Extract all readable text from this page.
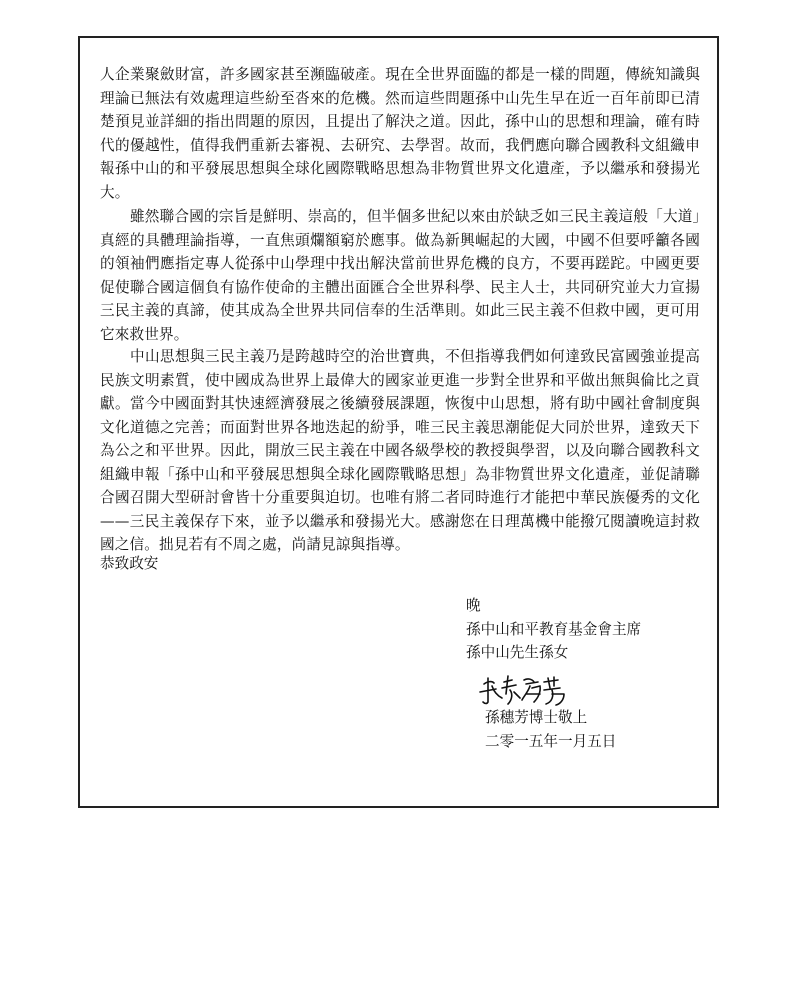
人企業聚斂財富，許多國家甚至瀕臨破產。現在全世界面臨的都是一樣的問題，傳統知識與理論已無法有效處理這些紛至沓來的危機。然而這些問題孫中山先生早在近一百年前即已清楚預見並詳細的指出問題的原因，且提出了解決之道。因此，孫中山的思想和理論，確有時代的優越性，值得我們重新去審視、去研究、去學習。故而，我們應向聯合國教科文組織申報孫中山的和平發展思想與全球化國際戰略思想為非物質世界文化遺產，予以繼承和發揚光大。

雖然聯合國的宗旨是鮮明、崇高的，但半個多世紀以來由於缺乏如三民主義這般「大道」真經的具體理論指導，一直焦頭爛額窮於應事。做為新興崛起的大國，中國不但要呼籲各國的領袖們應指定專人從孫中山學理中找出解決當前世界危機的良方，不要再蹉跎。中國更要促使聯合國這個負有協作使命的主體出面匯合全世界科學、民主人士，共同研究並大力宣揚三民主義的真諦，使其成為全世界共同信奉的生活準則。如此三民主義不但救中國，更可用它來救世界。

中山思想與三民主義乃是跨越時空的治世寶典，不但指導我們如何達致民富國強並提高民族文明素質，使中國成為世界上最偉大的國家並更進一步對全世界和平做出無與倫比之貢獻。當今中國面對其快速經濟發展之後續發展課題，恢復中山思想，將有助中國社會制度與文化道德之完善；而面對世界各地迭起的紛爭，唯三民主義思潮能促大同於世界，達致天下為公之和平世界。因此，開放三民主義在中國各級學校的教授與學習，以及向聯合國教科文組織申報「孫中山和平發展思想與全球化國際戰略思想」為非物質世界文化遺產，並促請聯合國召開大型研討會皆十分重要與迫切。也唯有將二者同時進行才能把中華民族優秀的文化——三民主義保存下來，並予以繼承和發揚光大。感謝您在日理萬機中能撥冗閱讀晚這封救國之信。拙見若有不周之處，尚請見諒與指導。

恭致政安
晚
孫中山和平教育基金會主席
孫中山先生孫女
孫穗芳博士敬上
二零一五年一月五日
